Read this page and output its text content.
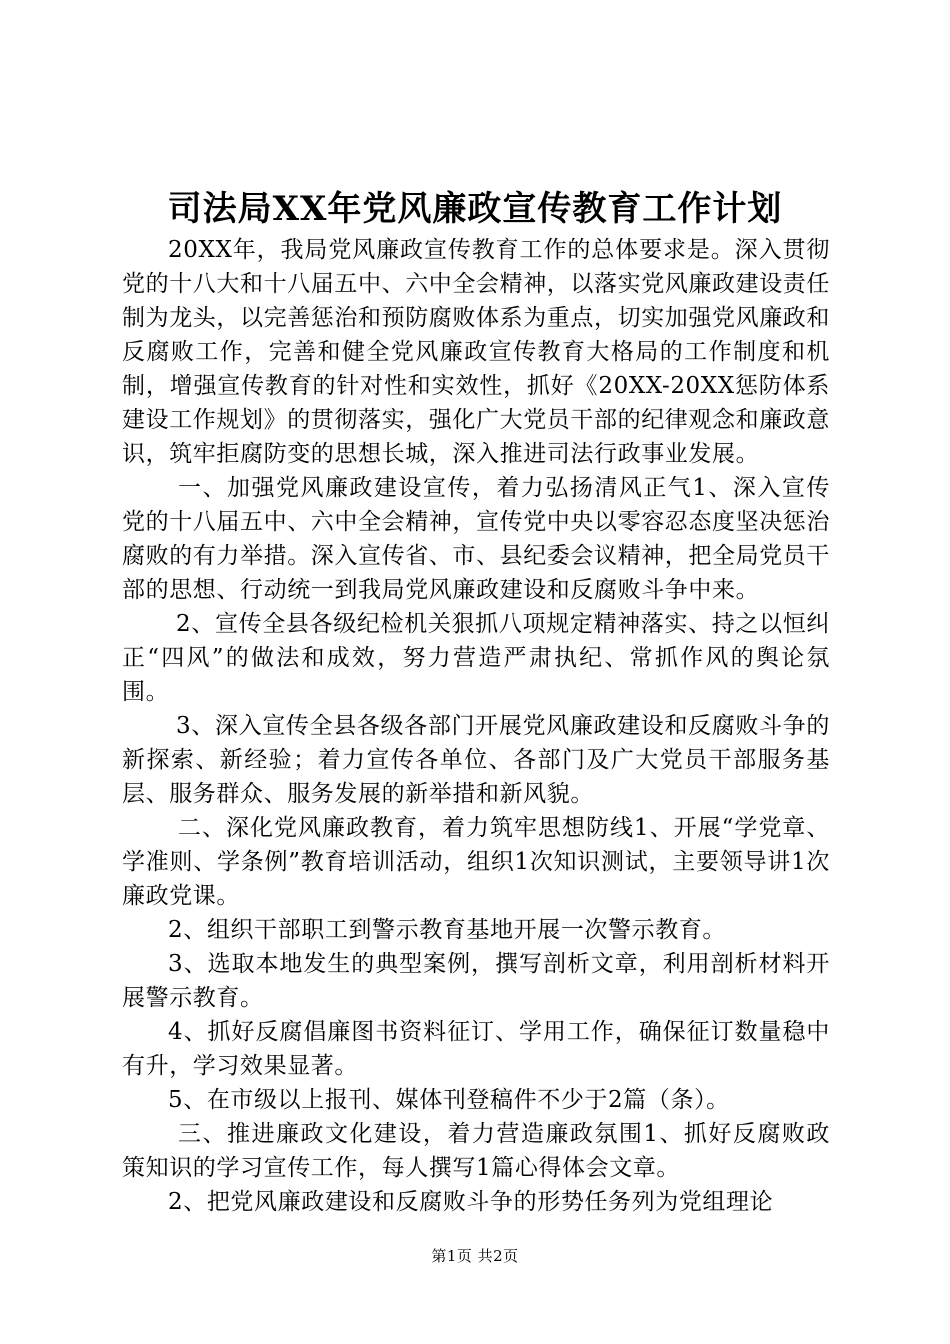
司法局XX年党风廉政宣传教育工作计划

20XX年，我局党风廉政宣传教育工作的总体要求是。深入贯彻党的十八大和十八届五中、六中全会精神，以落实党风廉政建设责任制为龙头，以完善惩治和预防腐败体系为重点，切实加强党风廉政和反腐败工作，完善和健全党风廉政宣传教育大格局的工作制度和机制，增强宣传教育的针对性和实效性，抓好《20XX-20XX惩防体系建设工作规划》的贯彻落实，强化广大党员干部的纪律观念和廉政意识，筑牢拒腐防变的思想长城，深入推进司法行政事业发展。

一、加强党风廉政建设宣传，着力弘扬清风正气1、深入宣传党的十八届五中、六中全会精神，宣传党中央以零容忍态度坚决惩治腐败的有力举措。深入宣传省、市、县纪委会议精神，把全局党员干部的思想、行动统一到我局党风廉政建设和反腐败斗争中来。

2、宣传全县各级纪检机关狠抓八项规定精神落实、持之以恒纠正“四风”的做法和成效，努力营造严肃执纪、常抓作风的舆论氛围。

3、深入宣传全县各级各部门开展党风廉政建设和反腐败斗争的新探索、新经验；着力宣传各单位、各部门及广大党员干部服务基层、服务群众、服务发展的新举措和新风貌。

二、深化党风廉政教育，着力筑牢思想防线1、开展“学党章、学准则、学条例”教育培训活动，组织1次知识测试，主要领导讲1次廉政党课。

2、组织干部职工到警示教育基地开展一次警示教育。

3、选取本地发生的典型案例，撰写剖析文章，利用剖析材料开展警示教育。

4、抓好反腐倡廉图书资料征订、学用工作，确保征订数量稳中有升，学习效果显著。

5、在市级以上报刊、媒体刊登稿件不少于2篇（条）。

三、推进廉政文化建设，着力营造廉政氛围1、抓好反腐败政策知识的学习宣传工作，每人撰写1篇心得体会文章。

2、把党风廉政建设和反腐败斗争的形势任务列为党组理论

第1页 共2页
